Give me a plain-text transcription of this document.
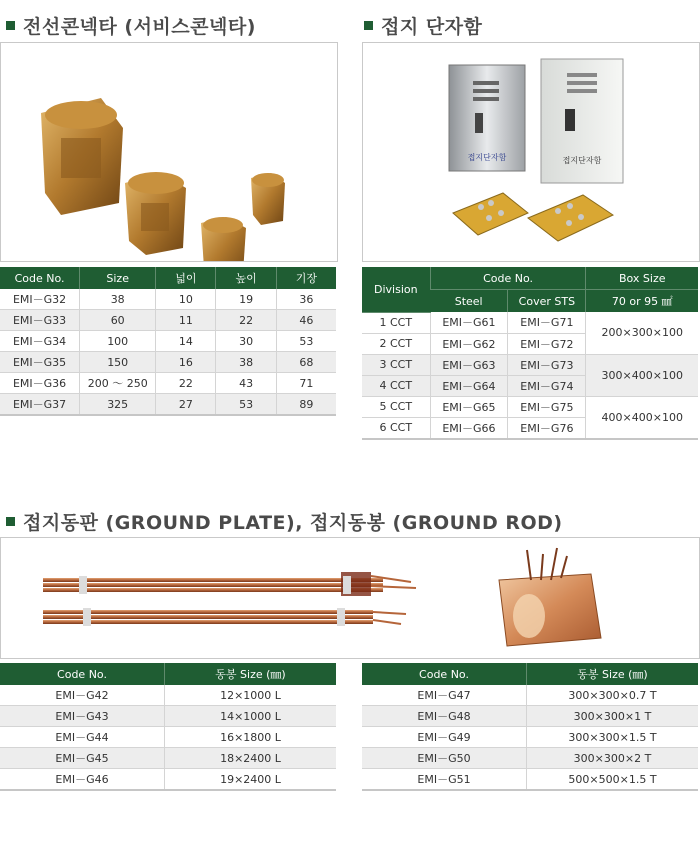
전선콘넥타 (서비스콘넥타)	접지 단자함
접지동판 (GROUND PLATE), 접지동봉 (GROUND ROD)
접지단자함	접지단자함
Code No.	Size	넓이	높이	기장
EMI－G32	38	10	19	36
EMI－G33	60	11	22	46
EMI－G34	100	14	30	53
EMI－G35	150	16	38	68
EMI－G36	200 ～ 250	22	43	71
EMI－G37	325	27	53	89
Division	Code No.		Box Size
	Steel	Cover STS	70 or 95 ㎟
1 CCT	EMI－G61	EMI－G71	200×300×100
2 CCT	EMI－G62	EMI－G72	
3 CCT	EMI－G63	EMI－G73	300×400×100
4 CCT	EMI－G64	EMI－G74	
5 CCT	EMI－G65	EMI－G75	400×400×100
6 CCT	EMI－G66	EMI－G76	
Code No.	동봉 Size (㎜)
EMI－G42	12×1000 L
EMI－G43	14×1000 L
EMI－G44	16×1800 L
EMI－G45	18×2400 L
EMI－G46	19×2400 L
Code No.	동봉 Size (㎜)
EMI－G47	300×300×0.7 T
EMI－G48	300×300×1 T
EMI－G49	300×300×1.5 T
EMI－G50	300×300×2 T
EMI－G51	500×500×1.5 T
